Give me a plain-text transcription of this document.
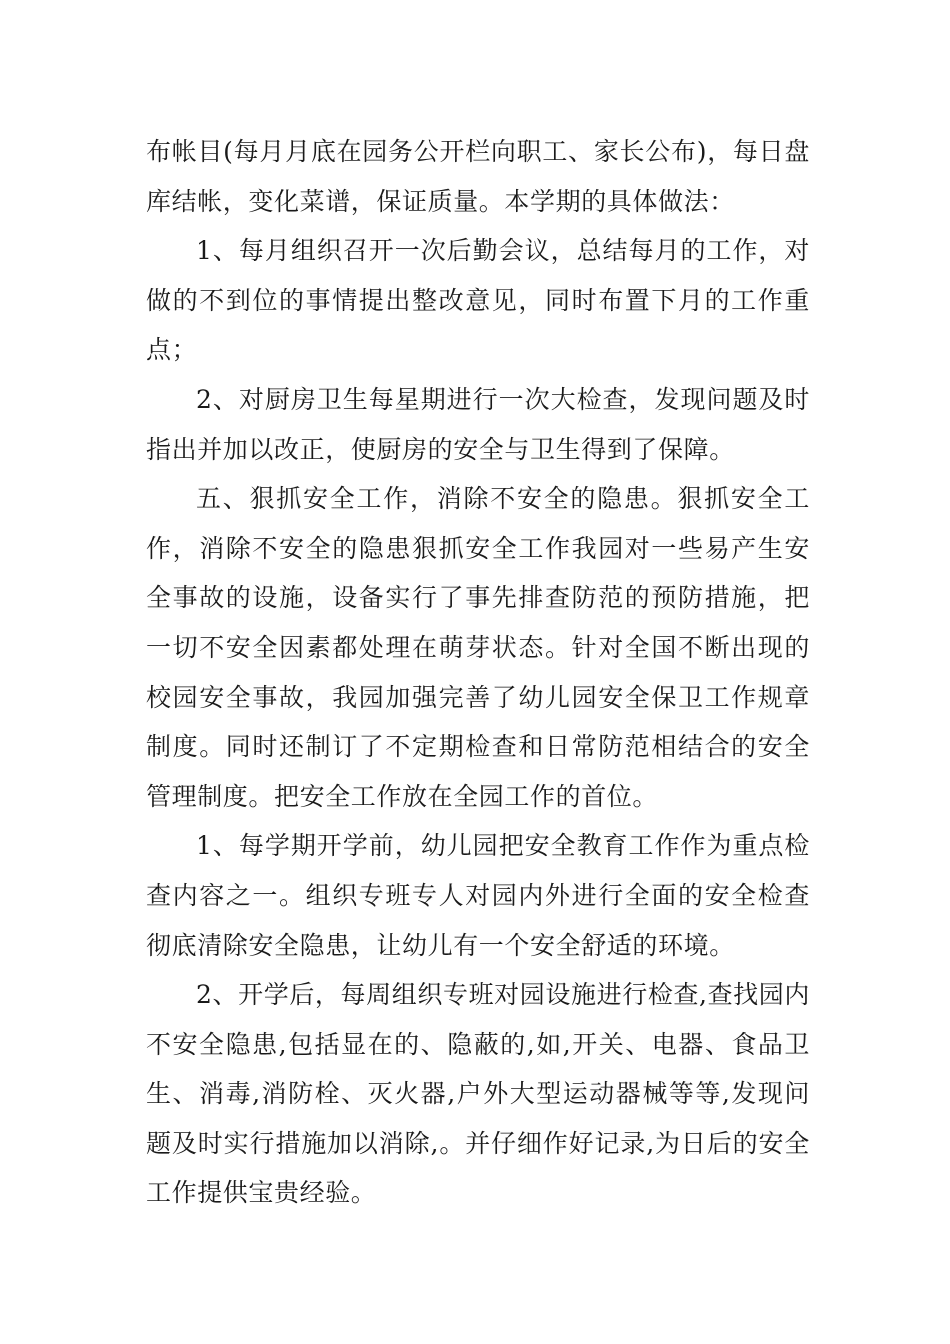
布帐目(每月月底在园务公开栏向职工、家长公布)，每日盘库结帐，变化菜谱，保证质量。本学期的具体做法：

1、每月组织召开一次后勤会议，总结每月的工作，对做的不到位的事情提出整改意见，同时布置下月的工作重点；

2、对厨房卫生每星期进行一次大检查，发现问题及时指出并加以改正，使厨房的安全与卫生得到了保障。

五、狠抓安全工作，消除不安全的隐患。狠抓安全工作，消除不安全的隐患狠抓安全工作我园对一些易产生安全事故的设施，设备实行了事先排查防范的预防措施，把一切不安全因素都处理在萌芽状态。针对全国不断出现的校园安全事故，我园加强完善了幼儿园安全保卫工作规章制度。同时还制订了不定期检查和日常防范相结合的安全管理制度。把安全工作放在全园工作的首位。

1、每学期开学前，幼儿园把安全教育工作作为重点检查内容之一。组织专班专人对园内外进行全面的安全检查彻底清除安全隐患，让幼儿有一个安全舒适的环境。

2、开学后，每周组织专班对园设施进行检查,查找园内不安全隐患,包括显在的、隐蔽的,如,开关、电器、食品卫生、消毒,消防栓、灭火器,户外大型运动器械等等,发现问题及时实行措施加以消除,。并仔细作好记录,为日后的安全工作提供宝贵经验。
